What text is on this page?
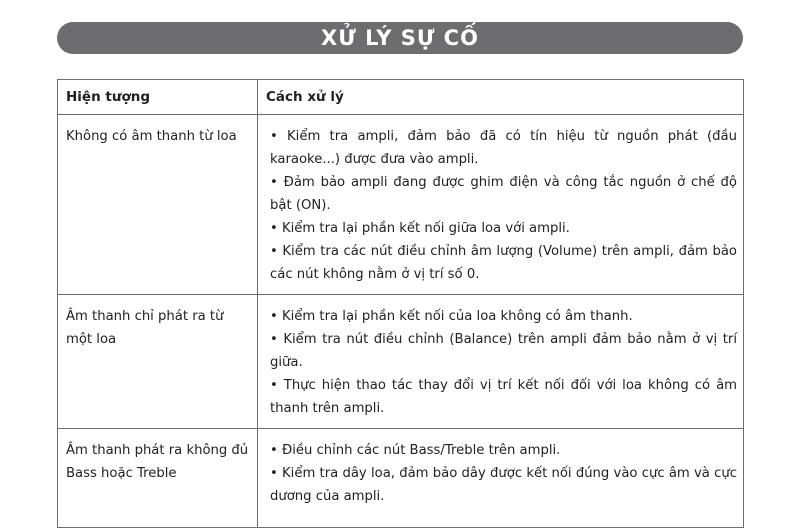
XỬ LÝ SỰ CỐ
Hiện tượng	Cách xử lý
Không có âm thanh từ loa	• Kiểm tra ampli, đảm bảo đã có tín hiệu từ nguồn phát (đầu karaoke...) được đưa vào ampli.
• Đảm bảo ampli đang được ghim điện và công tắc nguồn ở chế độ bật (ON).
• Kiểm tra lại phần kết nối giữa loa với ampli.
• Kiểm tra các nút điều chỉnh âm lượng (Volume) trên ampli, đảm bảo các nút không nằm ở vị trí số 0.

Âm thanh chỉ phát ra từ một loa	• Kiểm tra lại phần kết nối của loa không có âm thanh.
• Kiểm tra nút điều chỉnh (Balance) trên ampli đảm bảo nằm ở vị trí giữa.
• Thực hiện thao tác thay đổi vị trí kết nối đối với loa không có âm thanh trên ampli.

Âm thanh phát ra không đủ Bass hoặc Treble	• Điều chỉnh các nút Bass/Treble trên ampli.
• Kiểm tra dây loa, đảm bảo dây được kết nối đúng vào cực âm và cực dương của ampli.
